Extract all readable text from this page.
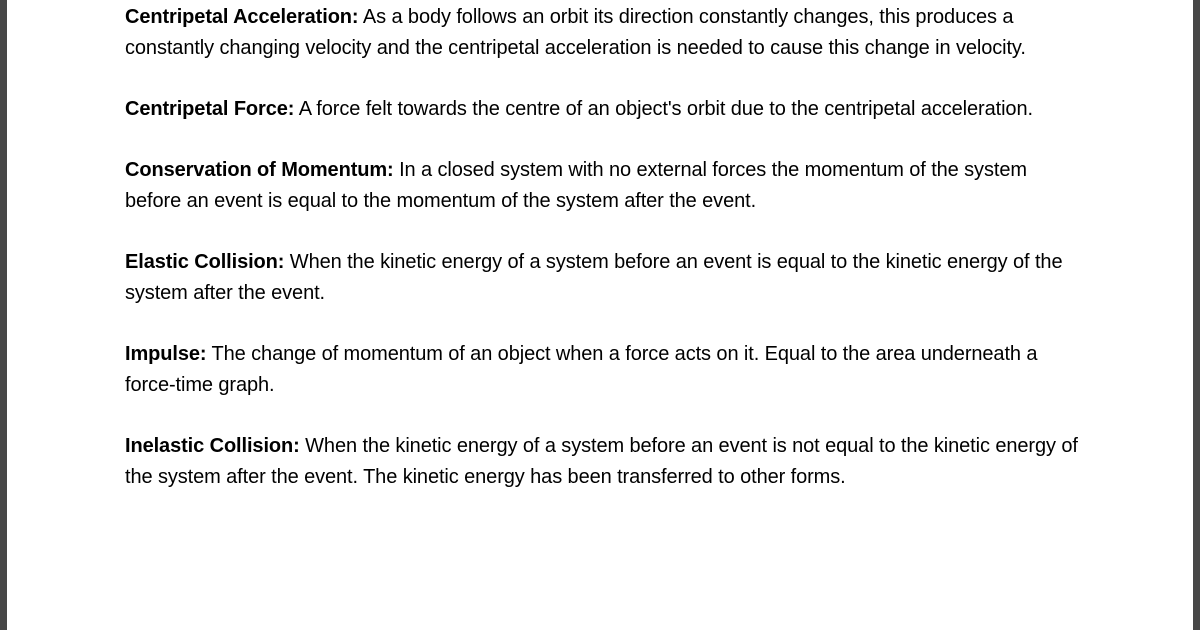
Centripetal Acceleration: As a body follows an orbit its direction constantly changes, this produces a constantly changing velocity and the centripetal acceleration is needed to cause this change in velocity.

Centripetal Force: A force felt towards the centre of an object's orbit due to the centripetal acceleration.

Conservation of Momentum: In a closed system with no external forces the momentum of the system before an event is equal to the momentum of the system after the event.

Elastic Collision: When the kinetic energy of a system before an event is equal to the kinetic energy of the system after the event.

Impulse: The change of momentum of an object when a force acts on it. Equal to the area underneath a force-time graph.

Inelastic Collision: When the kinetic energy of a system before an event is not equal to the kinetic energy of the system after the event. The kinetic energy has been transferred to other forms.
